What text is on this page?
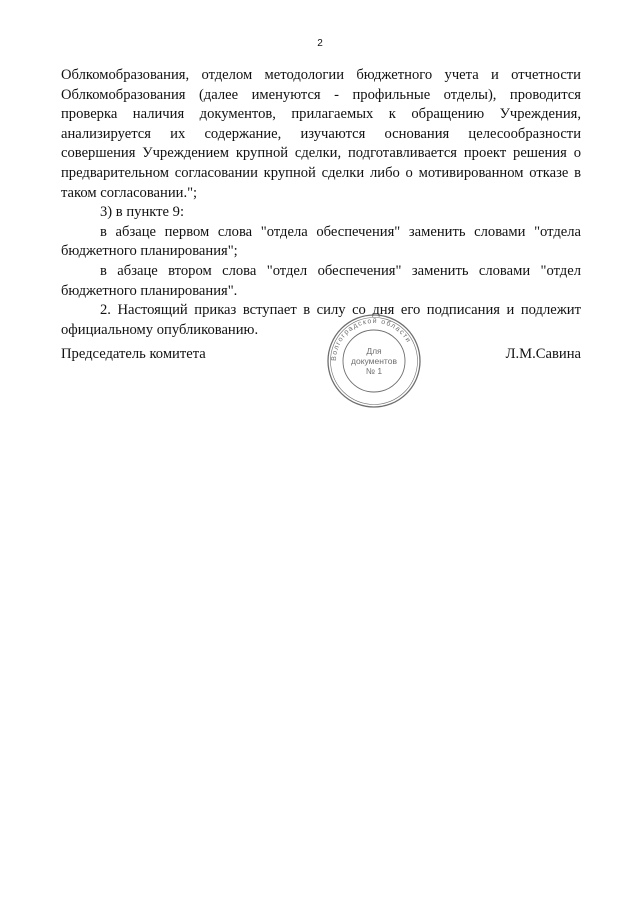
2

Облкомобразования, отделом методологии бюджетного учета и отчетности Облкомобразования (далее именуются - профильные отделы), проводится проверка наличия документов, прилагаемых к обращению Учреждения, анализируется их содержание, изучаются основания целесообразности совершения Учреждением крупной сделки, подготавливается проект решения о предварительном согласовании крупной сделки либо о мотивированном отказе в таком согласовании.";

3) в пункте 9:

в абзаце первом слова "отдела обеспечения" заменить словами "отдела бюджетного планирования";

в абзаце втором слова "отдел обеспечения" заменить словами "отдел бюджетного планирования".

2. Настоящий приказ вступает в силу со дня его подписания и подлежит официальному опубликованию.

Председатель комитета	Л.М.Савина
Волгоградской области
Для
документов
№ 1
